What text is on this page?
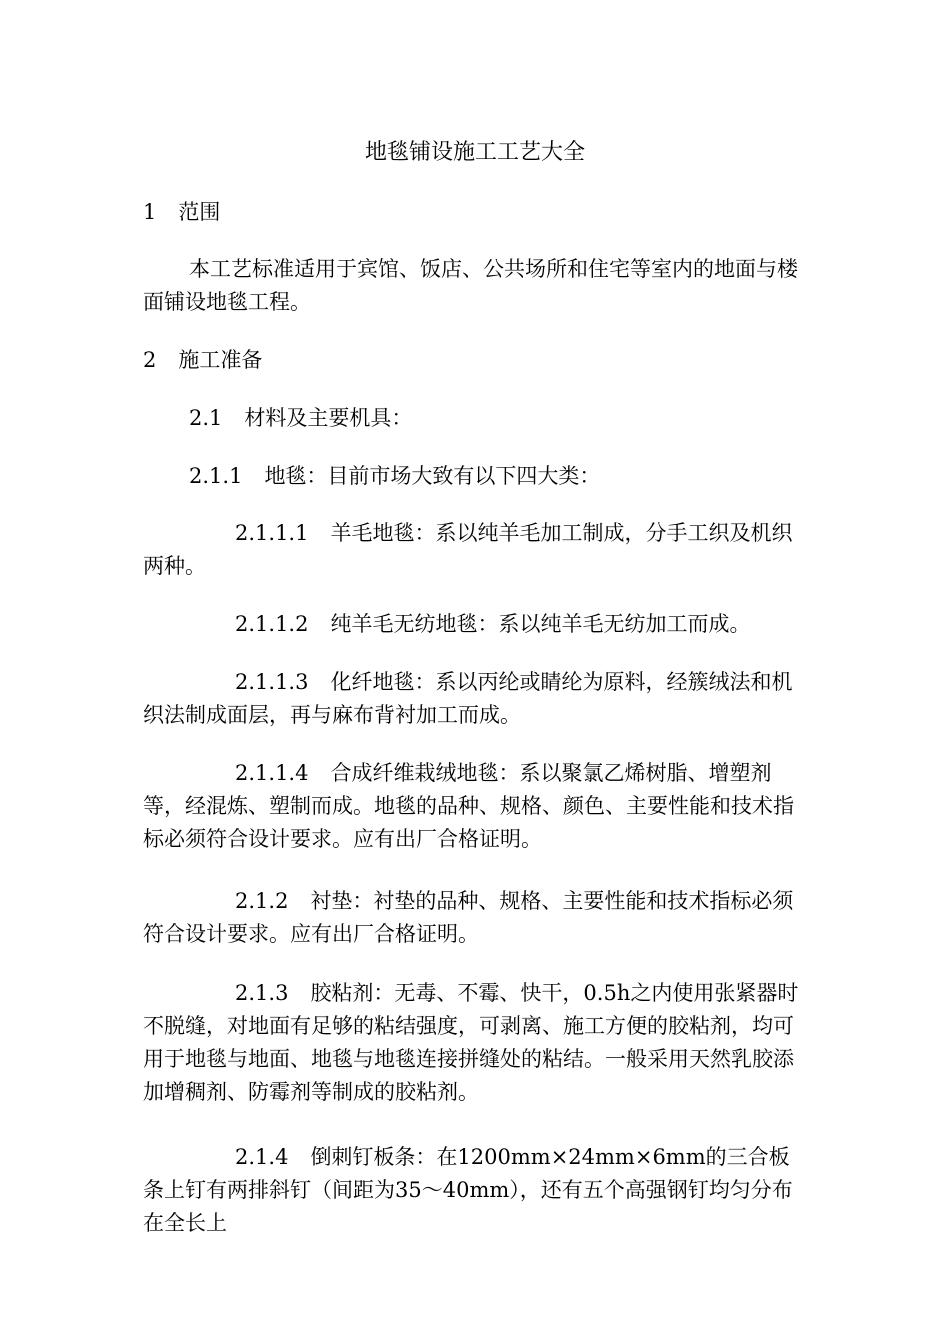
地毯铺设施工工艺大全
1 范围

本工艺标准适用于宾馆、饭店、公共场所和住宅等室内的地面与楼面铺设地毯工程。

2 施工准备
2.1 材料及主要机具：
2.1.1 地毯：目前市场大致有以下四大类：

2.1.1.1 羊毛地毯：系以纯羊毛加工制成，分手工织及机织两种。

2.1.1.2 纯羊毛无纺地毯：系以纯羊毛无纺加工而成。

2.1.1.3 化纤地毯：系以丙纶或睛纶为原料，经簇绒法和机织法制成面层，再与麻布背衬加工而成。

2.1.1.4 合成纤维栽绒地毯：系以聚氯乙烯树脂、增塑剂等，经混炼、塑制而成。地毯的品种、规格、颜色、主要性能和技术指标必须符合设计要求。应有出厂合格证明。

2.1.2 衬垫：衬垫的品种、规格、主要性能和技术指标必须符合设计要求。应有出厂合格证明。

2.1.3 胶粘剂：无毒、不霉、快干，0.5h之内使用张紧器时不脱缝，对地面有足够的粘结强度，可剥离、施工方便的胶粘剂，均可用于地毯与地面、地毯与地毯连接拼缝处的粘结。一般采用天然乳胶添加增稠剂、防霉剂等制成的胶粘剂。

2.1.4 倒刺钉板条：在1200mm×24mm×6mm的三合板条上钉有两排斜钉（间距为35～40mm），还有五个高强钢钉均匀分布在全长上
